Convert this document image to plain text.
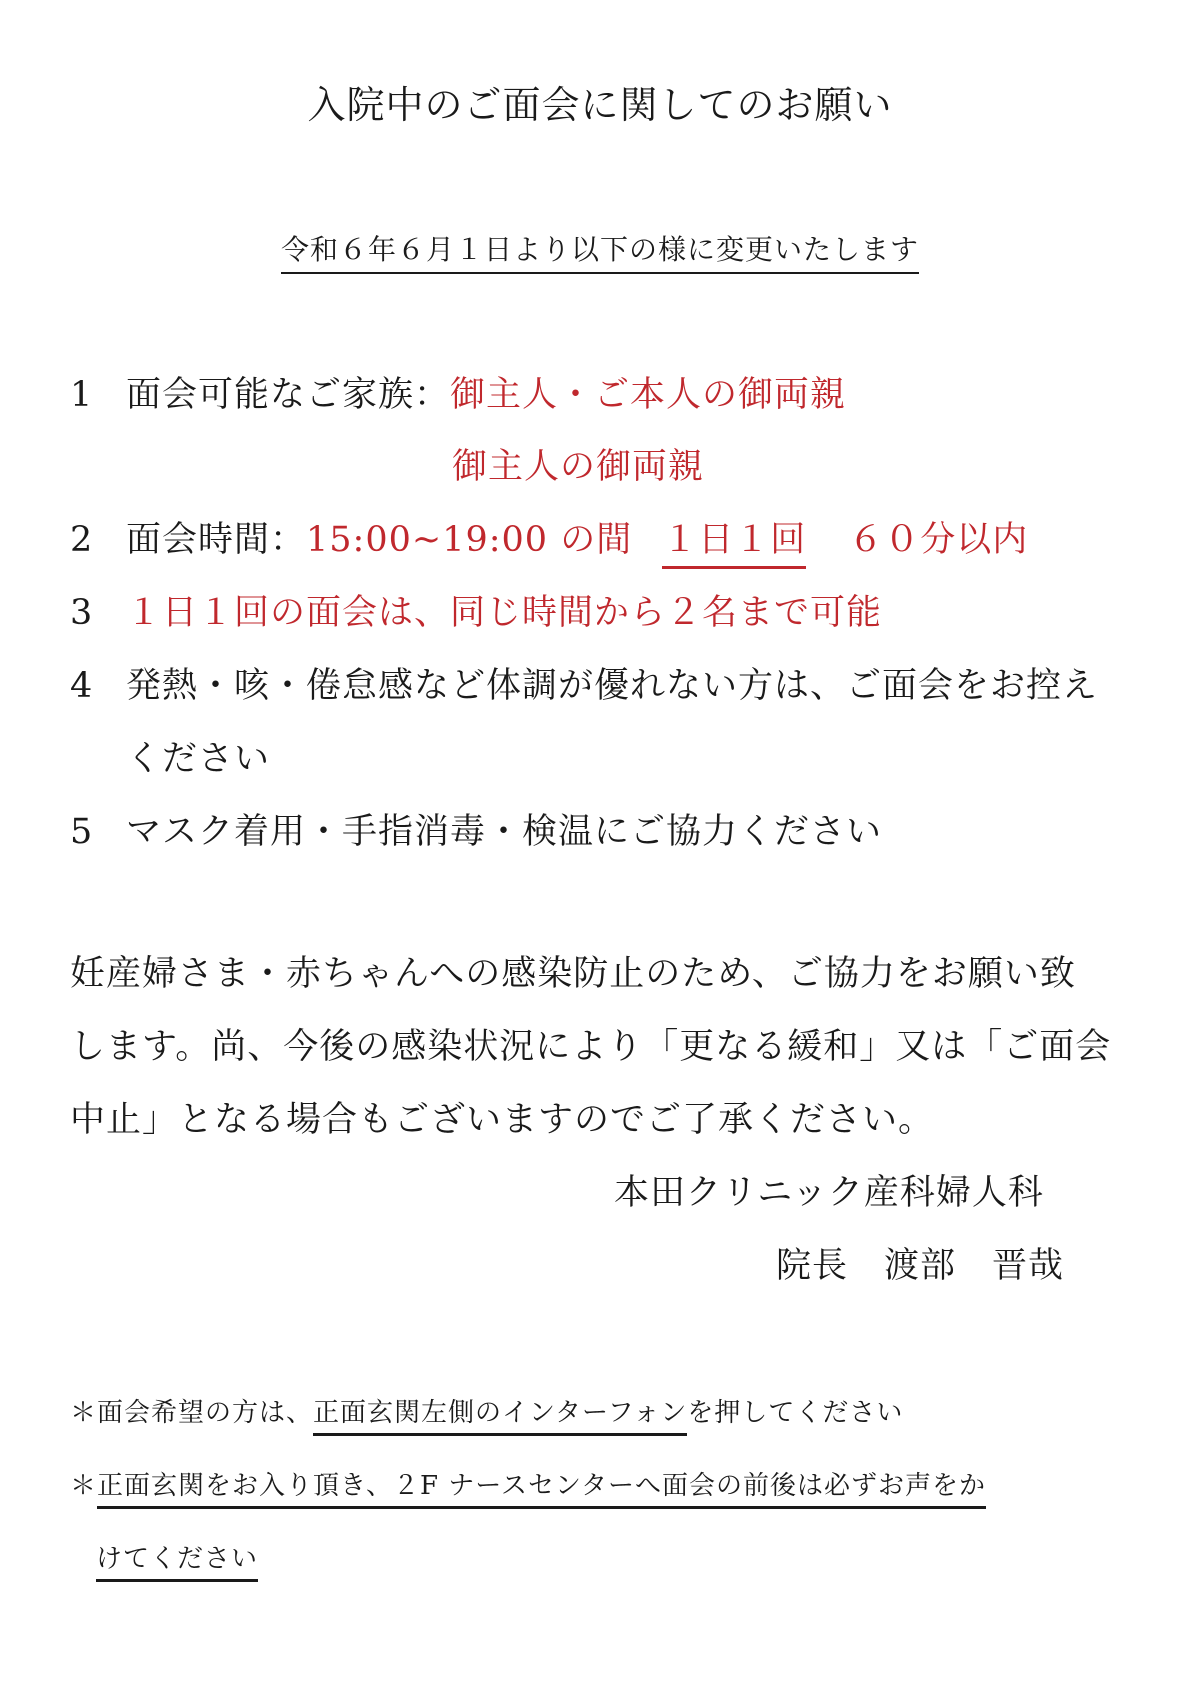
入院中のご面会に関してのお願い
令和６年６月１日より以下の様に変更いたします
1 面会可能なご家族：御主人・ご本人の御両親
御主人の御両親
2 面会時間：15:00~19:00 の間 １日１回 ６０分以内
3 １日１回の面会は、同じ時間から２名まで可能
4 発熱・咳・倦怠感など体調が優れない方は、ご面会をお控え
ください
5 マスク着用・手指消毒・検温にご協力ください
妊産婦さま・赤ちゃんへの感染防止のため、ご協力をお願い致
します。尚、今後の感染状況により「更なる緩和」又は「ご面会
中止」となる場合もございますのでご了承ください。
本田クリニック産科婦人科
院長　渡部　晋哉
＊面会希望の方は、正面玄関左側のインターフォンを押してください
＊正面玄関をお入り頂き、２F ナースセンターへ面会の前後は必ずお声をか
けてください
